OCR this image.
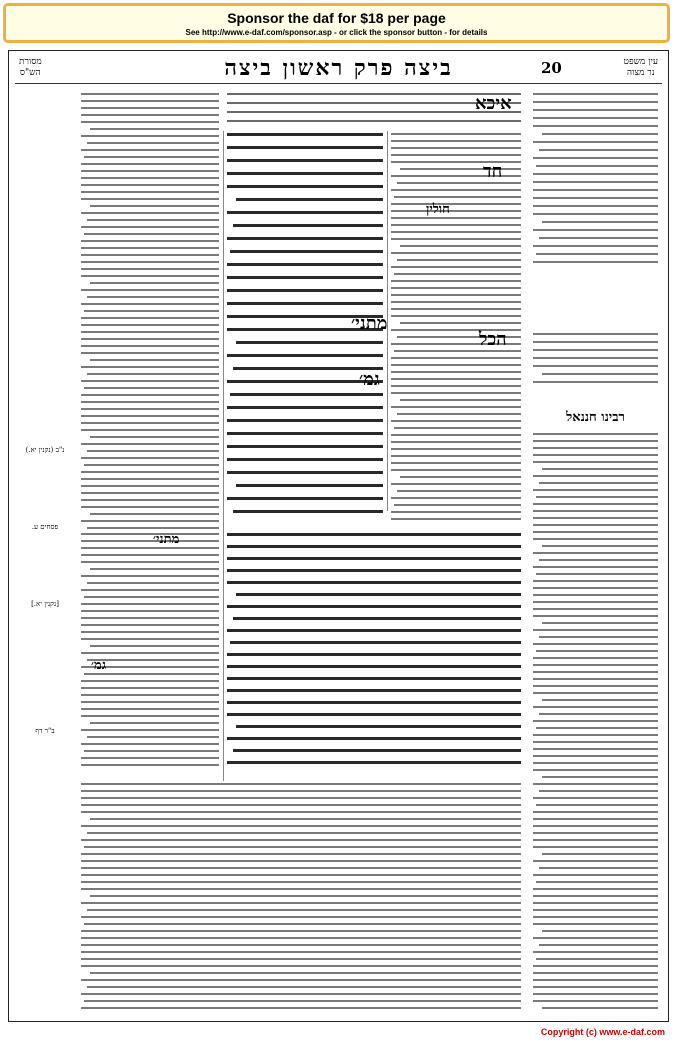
Sponsor the daf for $18 per page
See http://www.e-daf.com/sponsor.asp - or click the sponsor button - for details
מסורת
הש"ס	ביצה פרק ראשון ביצה	20	עין משפט
נר מצוה
נ"ב (נקנין יא.)
פסחים ע.
[נקנין יא.]
ב"ר דף
איכא
חד
הכל
מתני׳
גמ׳
מתני׳
גמ׳
חולין
רבינו חננאל
Copyright (c) www.e-daf.com
